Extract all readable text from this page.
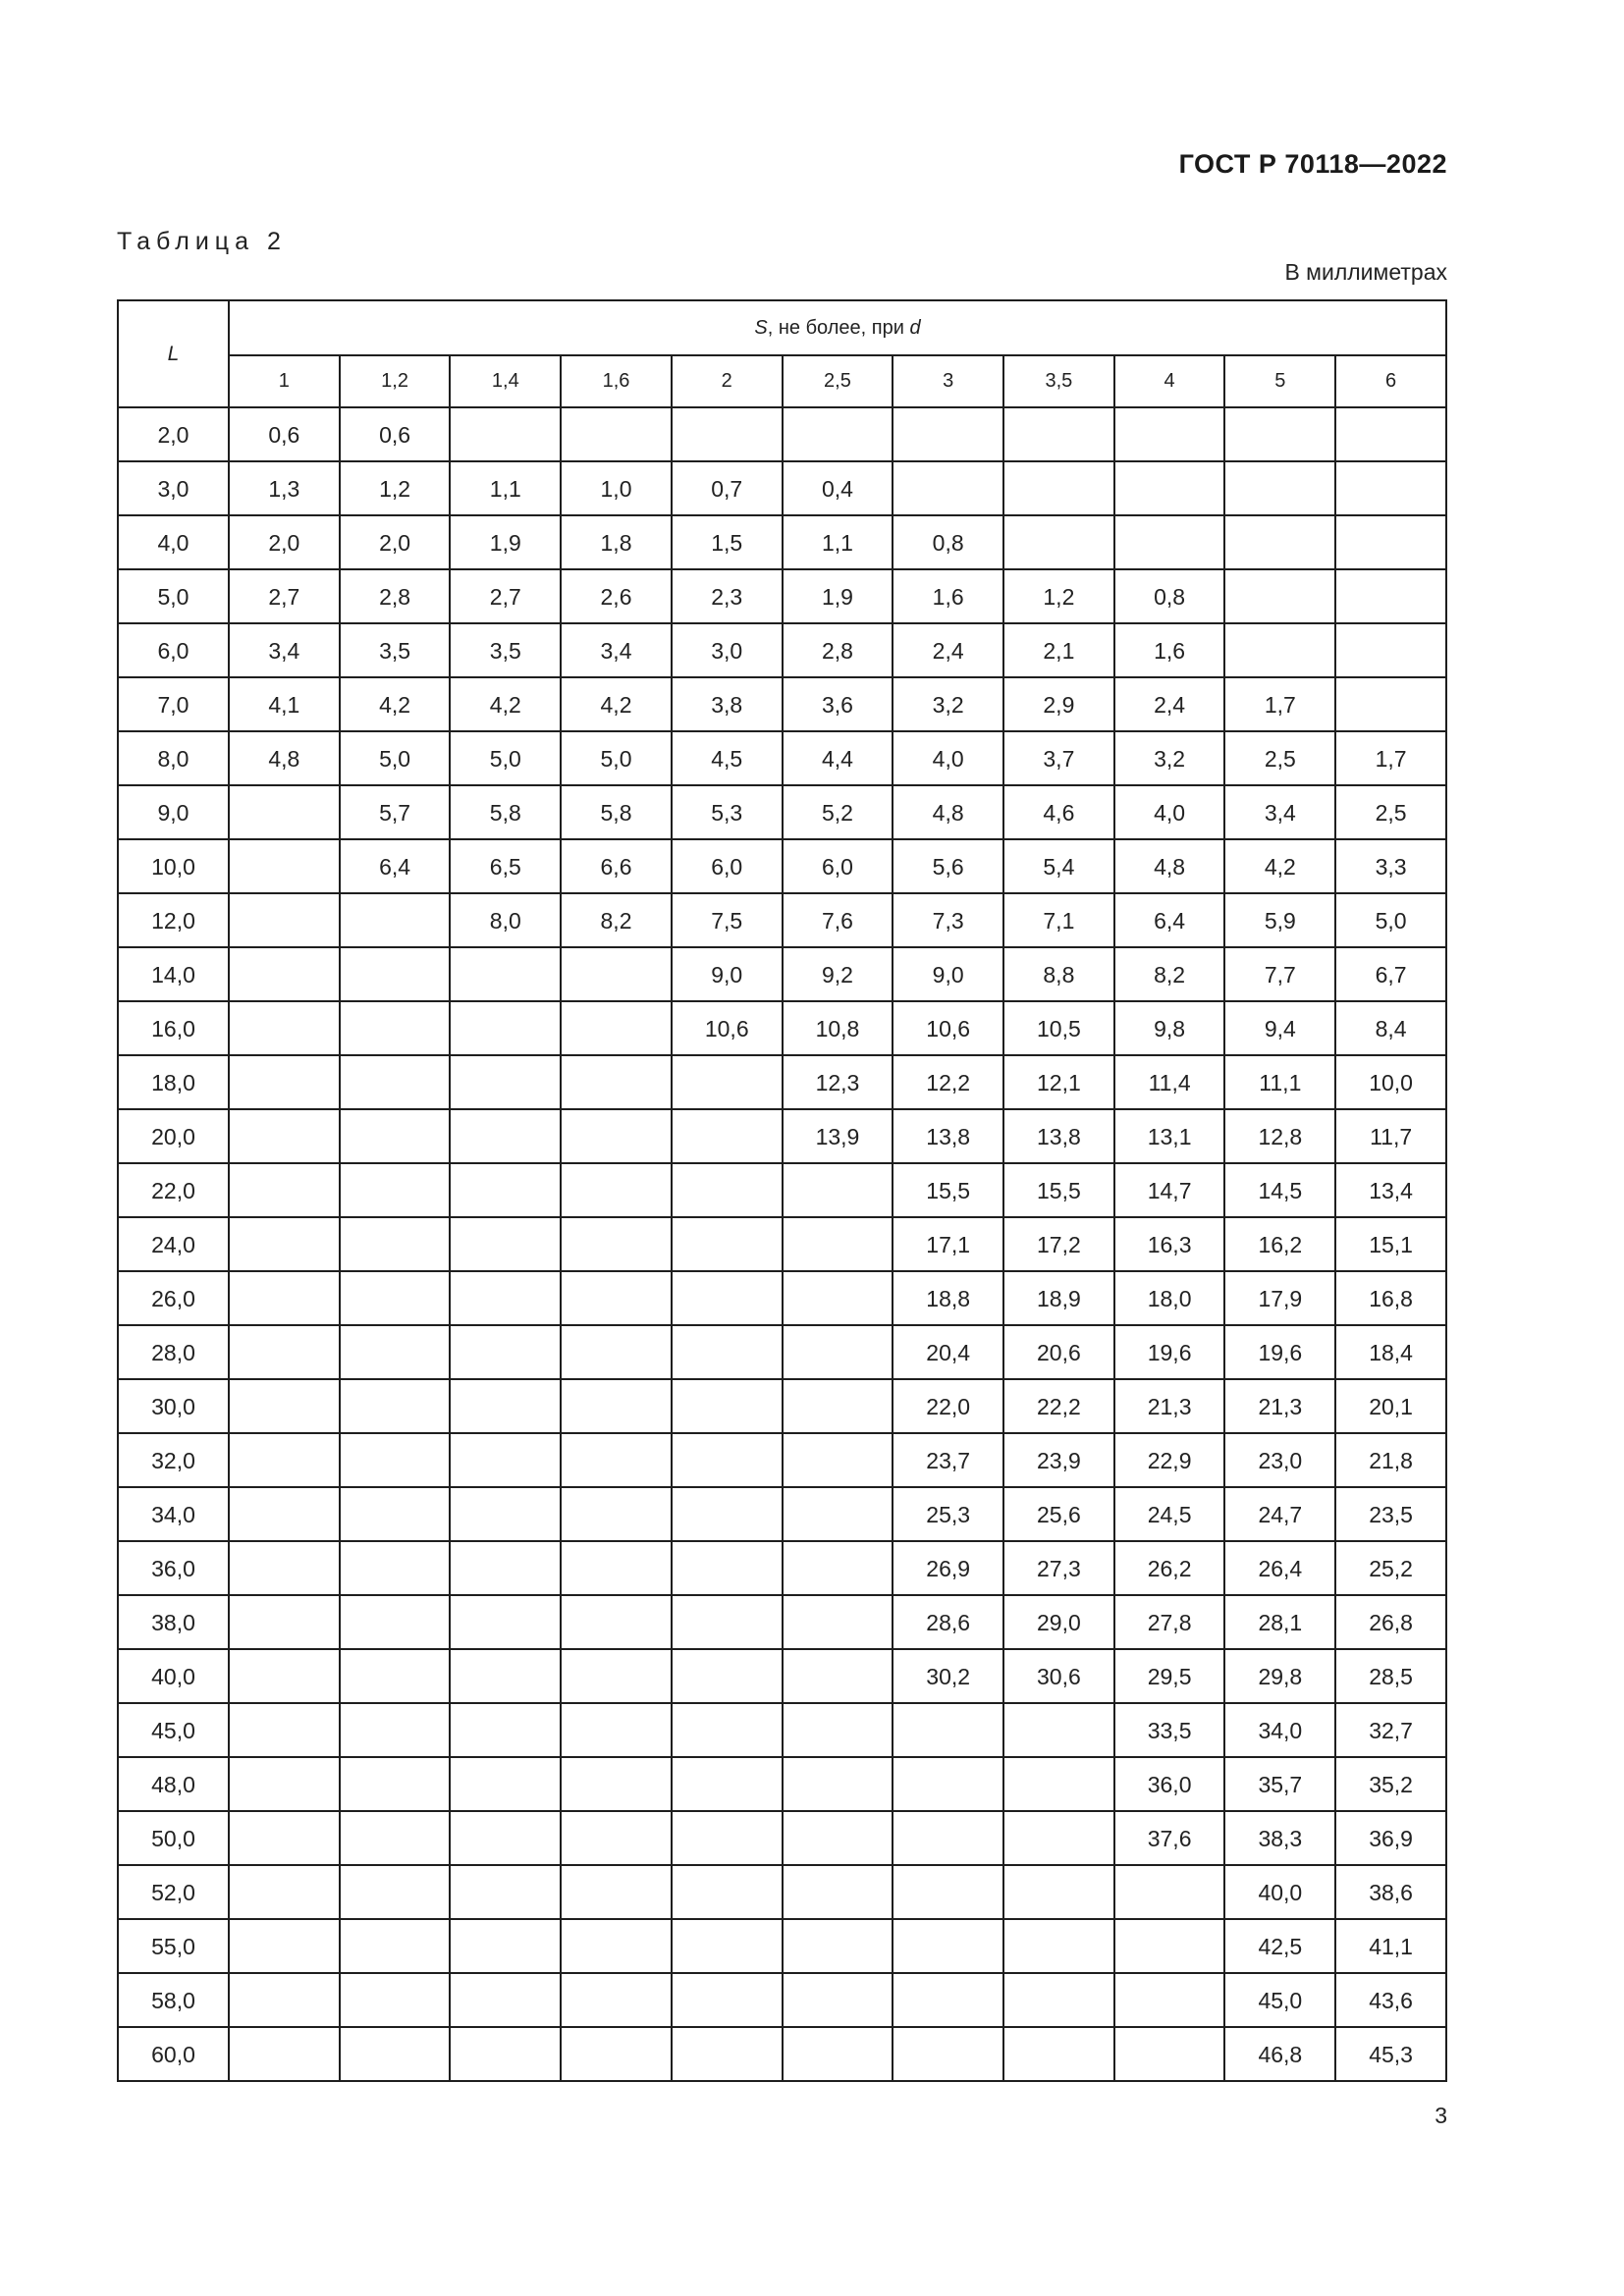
ГОСТ Р 70118—2022
Таблица 2
В миллиметрах
L	S, не более, при d										
	1	1,2	1,4	1,6	2	2,5	3	3,5	4	5	6
2,0	0,6	0,6									
3,0	1,3	1,2	1,1	1,0	0,7	0,4					
4,0	2,0	2,0	1,9	1,8	1,5	1,1	0,8				
5,0	2,7	2,8	2,7	2,6	2,3	1,9	1,6	1,2	0,8		
6,0	3,4	3,5	3,5	3,4	3,0	2,8	2,4	2,1	1,6		
7,0	4,1	4,2	4,2	4,2	3,8	3,6	3,2	2,9	2,4	1,7	
8,0	4,8	5,0	5,0	5,0	4,5	4,4	4,0	3,7	3,2	2,5	1,7
9,0		5,7	5,8	5,8	5,3	5,2	4,8	4,6	4,0	3,4	2,5
10,0		6,4	6,5	6,6	6,0	6,0	5,6	5,4	4,8	4,2	3,3
12,0			8,0	8,2	7,5	7,6	7,3	7,1	6,4	5,9	5,0
14,0					9,0	9,2	9,0	8,8	8,2	7,7	6,7
16,0					10,6	10,8	10,6	10,5	9,8	9,4	8,4
18,0						12,3	12,2	12,1	11,4	11,1	10,0
20,0						13,9	13,8	13,8	13,1	12,8	11,7
22,0							15,5	15,5	14,7	14,5	13,4
24,0							17,1	17,2	16,3	16,2	15,1
26,0							18,8	18,9	18,0	17,9	16,8
28,0							20,4	20,6	19,6	19,6	18,4
30,0							22,0	22,2	21,3	21,3	20,1
32,0							23,7	23,9	22,9	23,0	21,8
34,0							25,3	25,6	24,5	24,7	23,5
36,0							26,9	27,3	26,2	26,4	25,2
38,0							28,6	29,0	27,8	28,1	26,8
40,0							30,2	30,6	29,5	29,8	28,5
45,0									33,5	34,0	32,7
48,0									36,0	35,7	35,2
50,0									37,6	38,3	36,9
52,0										40,0	38,6
55,0										42,5	41,1
58,0										45,0	43,6
60,0										46,8	45,3
3
